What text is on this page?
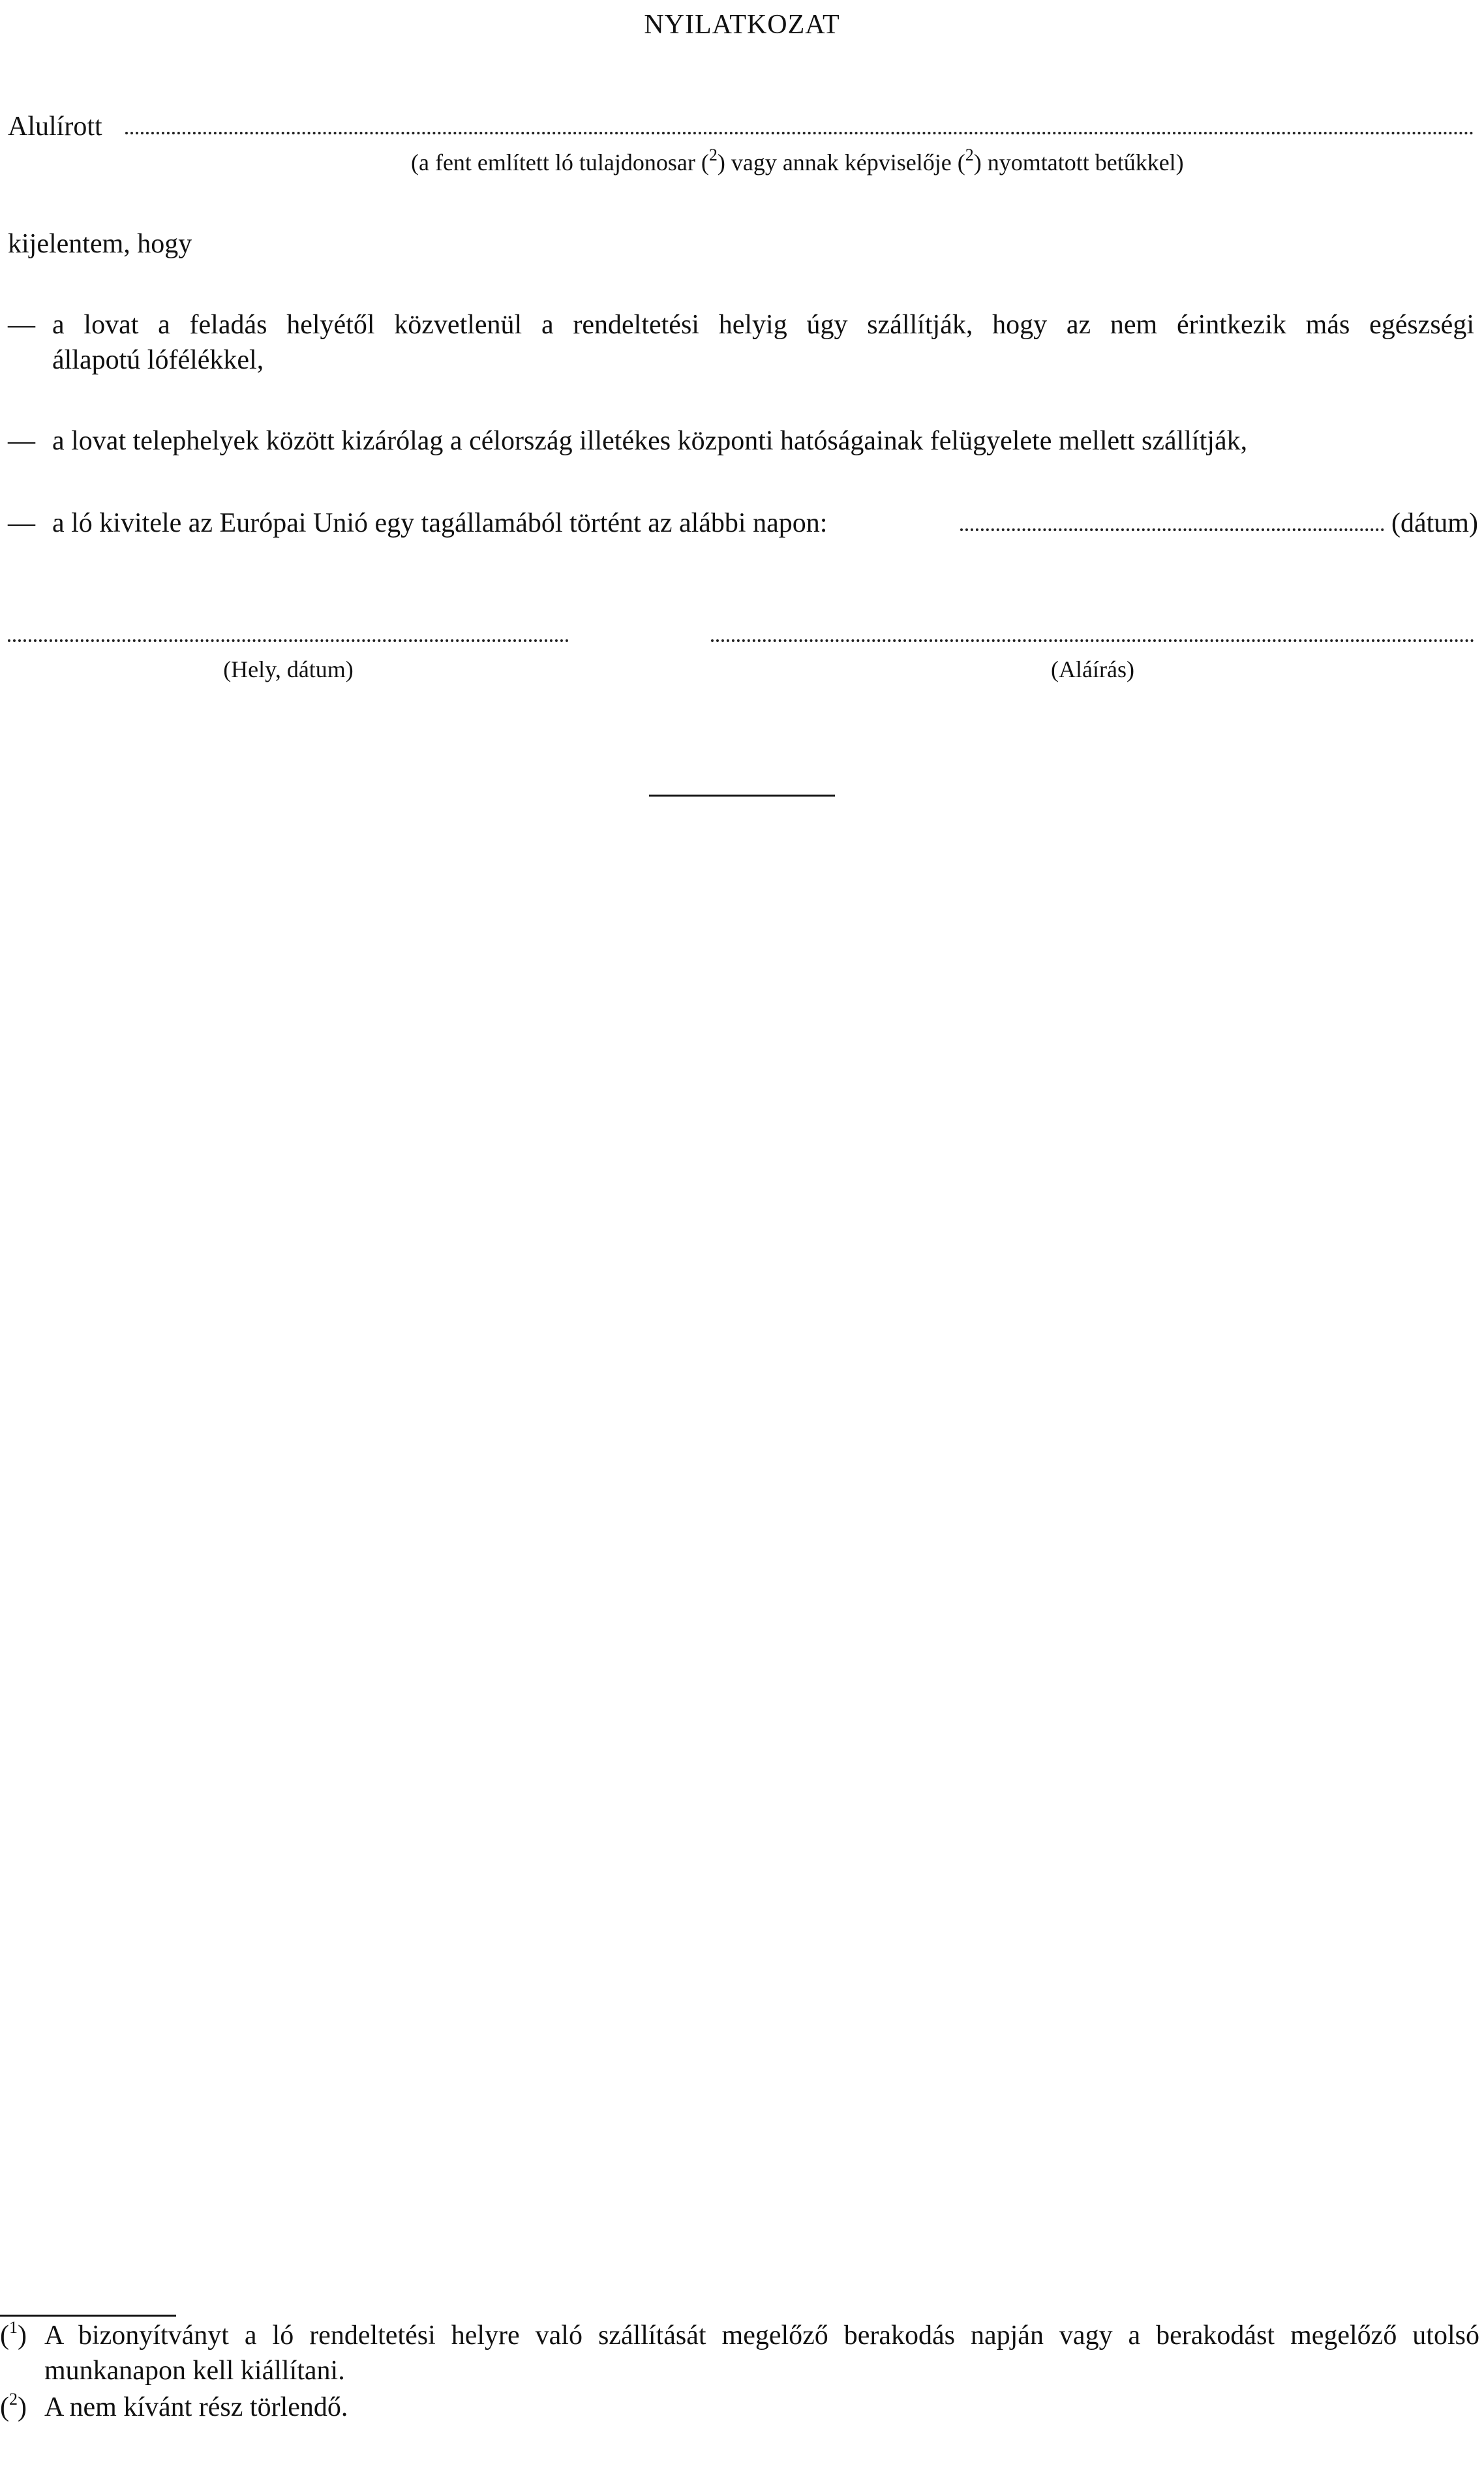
NYILATKOZAT
Alulírott
(a fent említett ló tulajdonosar ($^2$) vagy annak képviselője ($^2$) nyomtatott betűkkel)
kijelentem, hogy
— a lovat a feladás helyétől közvetlenül a rendeltetési helyig úgy szállítják, hogy az nem érintkezik más egészségi
állapotú lófélékkel,
— a lovat telephelyek között kizárólag a célország illetékes központi hatóságainak felügyelete mellett szállítják,
— a ló kivitele az Európai Unió egy tagállamából történt az alábbi napon:	(dátum)
(Hely, dátum)	(Aláírás)
($^1$) A bizonyítványt a ló rendeltetési helyre való szállítását megelőző berakodás napján vagy a berakodást megelőző utolsó
munkanapon kell kiállítani.
($^2$) A nem kívánt rész törlendő.
